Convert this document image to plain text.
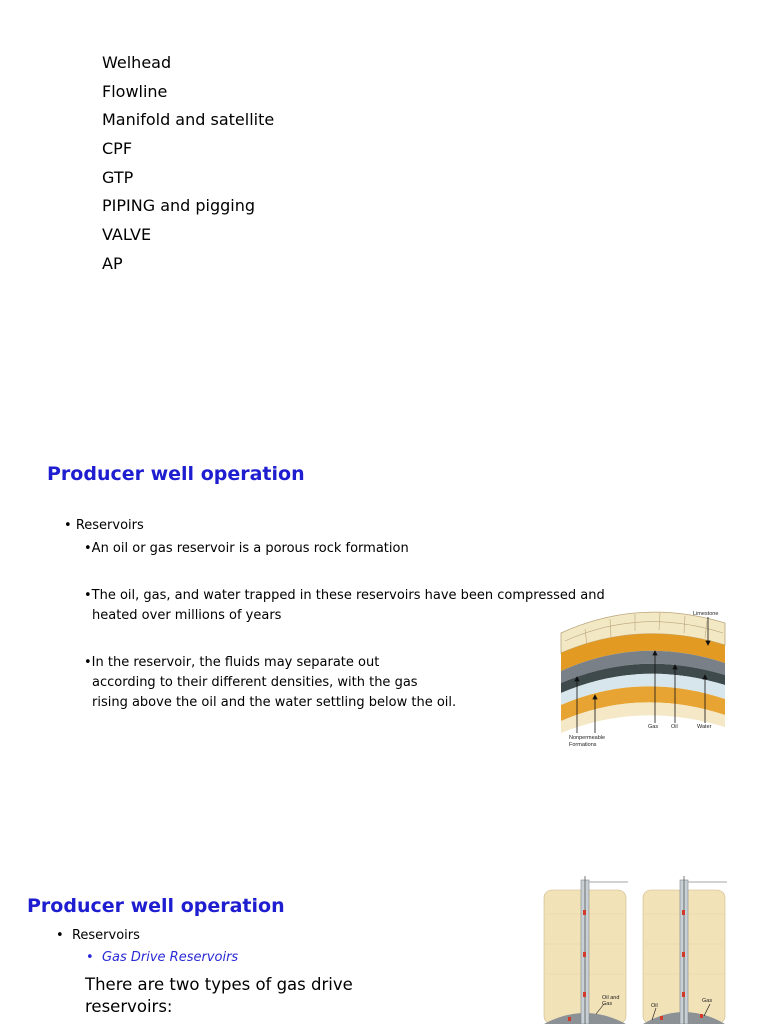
Welhead
Flowline
Manifold and satellite
CPF
GTP
PIPING and pigging
VALVE
AP
Producer well operation
• Reservoirs
•An oil or gas reservoir is a porous rock formation
•The oil, gas, and water trapped in these reservoirs have been compressed and
heated over millions of years
•In the reservoir, the fluids may separate out
according to their different densities, with the gas
rising above the oil and the water settling below the oil.
Limestone
Nonpermeable
Formations
Gas Oil	Water
Producer well operation
• Reservoirs
• Gas Drive Reservoirs
There are two types of gas drive
reservoirs:	Oil and
Gas	Oil
Gas
